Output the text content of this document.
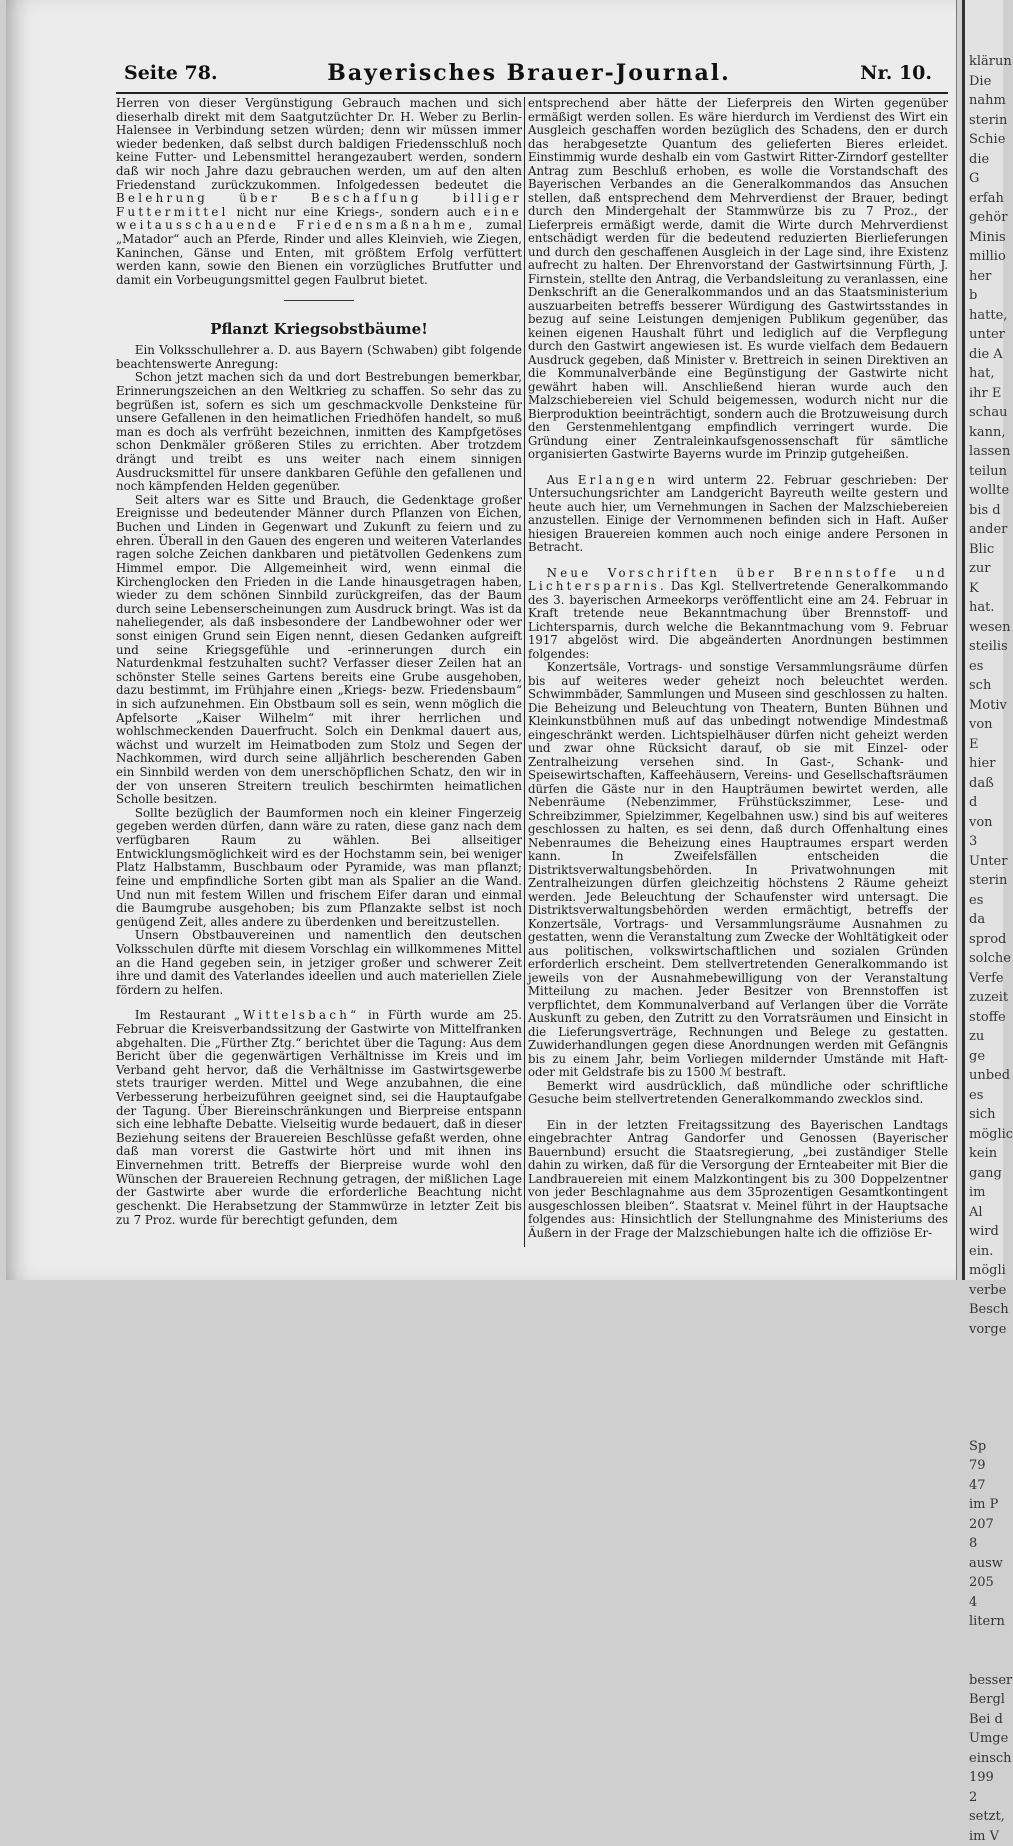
klärun
Die
nahm
sterin
Schie
die G
erfah
gehör
Minis
millio
her b
hatte,
unter
die A
hat,
ihr E
schau
kann,
lassen
teilun
wollte
bis d
ander
Blic
zur K
hat.
wesen
steilis
es sch
Motiv
von E
hier
daß d
von 3
Unter
sterin
es da
sprod
solche
Verfe
zuzeit
stoffe
zu ge
unbed
es sich
möglic
kein
gang
im Al
wird
ein.
mögli
verbe
Besch
vorge

Sp
79 47
im P
207 8
ausw
205 4
litern

besser
Bergl
Bei d
Umge
einsch
199 2
setzt,
im V
Seite 78.	Bayerisches Brauer-Journal.	Nr. 10.

Herren von dieser Vergünstigung Gebrauch machen und sich dieserhalb direkt mit dem Saatgutzüchter Dr. H. Weber zu Berlin-Halensee in Verbindung setzen würden; denn wir müssen immer wieder bedenken, daß selbst durch baldigen Friedensschluß noch keine Futter- und Lebensmittel herangezaubert werden, sondern daß wir noch Jahre dazu gebrauchen werden, um auf den alten Friedenstand zurückzukommen. Infolgedessen bedeutet die Belehrung über Beschaffung billiger Futtermittel nicht nur eine Kriegs-, sondern auch eine weitausschauende Friedensmaßnahme, zumal „Matador“ auch an Pferde, Rinder und alles Kleinvieh, wie Ziegen, Kaninchen, Gänse und Enten, mit größtem Erfolg verfüttert werden kann, sowie den Bienen ein vorzügliches Brutfutter und damit ein Vorbeugungsmittel gegen Faulbrut bietet.

Pflanzt Kriegsobstbäume!

Ein Volksschullehrer a. D. aus Bayern (Schwaben) gibt folgende beachtenswerte Anregung:

Schon jetzt machen sich da und dort Bestrebungen bemerkbar, Erinnerungszeichen an den Weltkrieg zu schaffen. So sehr das zu begrüßen ist, sofern es sich um geschmackvolle Denksteine für unsere Gefallenen in den heimatlichen Friedhöfen handelt, so muß man es doch als verfrüht bezeichnen, inmitten des Kampfgetöses schon Denkmäler größeren Stiles zu errichten. Aber trotzdem drängt und treibt es uns weiter nach einem sinnigen Ausdrucksmittel für unsere dankbaren Gefühle den gefallenen und noch kämpfenden Helden gegenüber.

Seit alters war es Sitte und Brauch, die Gedenktage großer Ereignisse und bedeutender Männer durch Pflanzen von Eichen, Buchen und Linden in Gegenwart und Zukunft zu feiern und zu ehren. Überall in den Gauen des engeren und weiteren Vaterlandes ragen solche Zeichen dankbaren und pietätvollen Gedenkens zum Himmel empor. Die Allgemeinheit wird, wenn einmal die Kirchenglocken den Frieden in die Lande hinausgetragen haben, wieder zu dem schönen Sinnbild zurückgreifen, das der Baum durch seine Lebenserscheinungen zum Ausdruck bringt. Was ist da naheliegender, als daß insbesondere der Landbewohner oder wer sonst einigen Grund sein Eigen nennt, diesen Gedanken aufgreift und seine Kriegsgefühle und -erinnerungen durch ein Naturdenkmal festzuhalten sucht? Verfasser dieser Zeilen hat an schönster Stelle seines Gartens bereits eine Grube ausgehoben, dazu bestimmt, im Frühjahre einen „Kriegs- bezw. Friedensbaum“ in sich aufzunehmen. Ein Obstbaum soll es sein, wenn möglich die Apfelsorte „Kaiser Wilhelm“ mit ihrer herrlichen und wohlschmeckenden Dauerfrucht. Solch ein Denkmal dauert aus, wächst und wurzelt im Heimatboden zum Stolz und Segen der Nachkommen, wird durch seine alljährlich bescherenden Gaben ein Sinnbild werden von dem unerschöpflichen Schatz, den wir in der von unseren Streitern treulich beschirmten heimatlichen Scholle besitzen.

Sollte bezüglich der Baumformen noch ein kleiner Fingerzeig gegeben werden dürfen, dann wäre zu raten, diese ganz nach dem verfügbaren Raum zu wählen. Bei allseitiger Entwicklungsmöglichkeit wird es der Hochstamm sein, bei weniger Platz Halbstamm, Buschbaum oder Pyramide, was man pflanzt; feine und empfindliche Sorten gibt man als Spalier an die Wand. Und nun mit festem Willen und frischem Eifer daran und einmal die Baumgrube ausgehoben; bis zum Pflanzakte selbst ist noch genügend Zeit, alles andere zu überdenken und bereitzustellen.

Unsern Obstbauvereinen und namentlich den deutschen Volksschulen dürfte mit diesem Vorschlag ein willkommenes Mittel an die Hand gegeben sein, in jetziger großer und schwerer Zeit ihre und damit des Vaterlandes ideellen und auch materiellen Ziele fördern zu helfen.

Im Restaurant „Wittelsbach“ in Fürth wurde am 25. Februar die Kreisverbandssitzung der Gastwirte von Mittelfranken abgehalten. Die „Fürther Ztg.“ berichtet über die Tagung: Aus dem Bericht über die gegenwärtigen Verhältnisse im Kreis und im Verband geht hervor, daß die Verhältnisse im Gastwirtsgewerbe stets trauriger werden. Mittel und Wege anzubahnen, die eine Verbesserung herbeizuführen geeignet sind, sei die Hauptaufgabe der Tagung. Über Biereinschränkungen und Bierpreise entspann sich eine lebhafte Debatte. Vielseitig wurde bedauert, daß in dieser Beziehung seitens der Brauereien Beschlüsse gefaßt werden, ohne daß man vorerst die Gastwirte hört und mit ihnen ins Einvernehmen tritt. Betreffs der Bierpreise wurde wohl den Wünschen der Brauereien Rechnung getragen, der mißlichen Lage der Gastwirte aber wurde die erforderliche Beachtung nicht geschenkt. Die Herabsetzung der Stammwürze in letzter Zeit bis zu 7 Proz. wurde für berechtigt gefunden, dem

entsprechend aber hätte der Lieferpreis den Wirten gegenüber ermäßigt werden sollen. Es wäre hierdurch im Verdienst des Wirt ein Ausgleich geschaffen worden bezüglich des Schadens, den er durch das herabgesetzte Quantum des gelieferten Bieres erleidet. Einstimmig wurde deshalb ein vom Gastwirt Ritter-Zirndorf gestellter Antrag zum Beschluß erhoben, es wolle die Vorstandschaft des Bayerischen Verbandes an die Generalkommandos das Ansuchen stellen, daß entsprechend dem Mehrverdienst der Brauer, bedingt durch den Mindergehalt der Stammwürze bis zu 7 Proz., der Lieferpreis ermäßigt werde, damit die Wirte durch Mehrverdienst entschädigt werden für die bedeutend reduzierten Bierlieferungen und durch den geschaffenen Ausgleich in der Lage sind, ihre Existenz aufrecht zu halten. Der Ehrenvorstand der Gastwirtsinnung Fürth, J. Firnstein, stellte den Antrag, die Verbandsleitung zu veranlassen, eine Denkschrift an die Generalkommandos und an das Staatsministerium auszuarbeiten betreffs besserer Würdigung des Gastwirtsstandes in bezug auf seine Leistungen demjenigen Publikum gegenüber, das keinen eigenen Haushalt führt und lediglich auf die Verpflegung durch den Gastwirt angewiesen ist. Es wurde vielfach dem Bedauern Ausdruck gegeben, daß Minister v. Brettreich in seinen Direktiven an die Kommunalverbände eine Begünstigung der Gastwirte nicht gewährt haben will. Anschließend hieran wurde auch den Malzschiebereien viel Schuld beigemessen, wodurch nicht nur die Bierproduktion beeinträchtigt, sondern auch die Brotzuweisung durch den Gerstenmehlentgang empfindlich verringert wurde. Die Gründung einer Zentraleinkaufsgenossenschaft für sämtliche organisierten Gastwirte Bayerns wurde im Prinzip gutgeheißen.

Aus Erlangen wird unterm 22. Februar geschrieben: Der Untersuchungsrichter am Landgericht Bayreuth weilte gestern und heute auch hier, um Vernehmungen in Sachen der Malzschiebereien anzustellen. Einige der Vernommenen befinden sich in Haft. Außer hiesigen Brauereien kommen auch noch einige andere Personen in Betracht.

Neue Vorschriften über Brennstoffe und Lichtersparnis. Das Kgl. Stellvertretende Generalkommando des 3. bayerischen Armeekorps veröffentlicht eine am 24. Februar in Kraft tretende neue Bekanntmachung über Brennstoff- und Lichtersparnis, durch welche die Bekanntmachung vom 9. Februar 1917 abgelöst wird. Die abgeänderten Anordnungen bestimmen folgendes:

Konzertsäle, Vortrags- und sonstige Versammlungsräume dürfen bis auf weiteres weder geheizt noch beleuchtet werden. Schwimmbäder, Sammlungen und Museen sind geschlossen zu halten. Die Beheizung und Beleuchtung von Theatern, Bunten Bühnen und Kleinkunstbühnen muß auf das unbedingt notwendige Mindestmaß eingeschränkt werden. Lichtspielhäuser dürfen nicht geheizt werden und zwar ohne Rücksicht darauf, ob sie mit Einzel- oder Zentralheizung versehen sind. In Gast-, Schank- und Speisewirtschaften, Kaffeehäusern, Vereins- und Gesellschaftsräumen dürfen die Gäste nur in den Haupträumen bewirtet werden, alle Nebenräume (Nebenzimmer, Frühstückszimmer, Lese- und Schreibzimmer, Spielzimmer, Kegelbahnen usw.) sind bis auf weiteres geschlossen zu halten, es sei denn, daß durch Offenhaltung eines Nebenraumes die Beheizung eines Hauptraumes erspart werden kann. In Zweifelsfällen entscheiden die Distriktsverwaltungsbehörden. In Privatwohnungen mit Zentralheizungen dürfen gleichzeitig höchstens 2 Räume geheizt werden. Jede Beleuchtung der Schaufenster wird untersagt. Die Distriktsverwaltungsbehörden werden ermächtigt, betreffs der Konzertsäle, Vortrags- und Versammlungsräume Ausnahmen zu gestatten, wenn die Veranstaltung zum Zwecke der Wohltätigkeit oder aus politischen, volkswirtschaftlichen und sozialen Gründen erforderlich erscheint. Dem stellvertretenden Generalkommando ist jeweils von der Ausnahmebewilligung von der Veranstaltung Mitteilung zu machen. Jeder Besitzer von Brennstoffen ist verpflichtet, dem Kommunalverband auf Verlangen über die Vorräte Auskunft zu geben, den Zutritt zu den Vorratsräumen und Einsicht in die Lieferungsverträge, Rechnungen und Belege zu gestatten. Zuwiderhandlungen gegen diese Anordnungen werden mit Gefängnis bis zu einem Jahr, beim Vorliegen mildernder Umstände mit Haft- oder mit Geldstrafe bis zu 1500 ℳ bestraft.

Bemerkt wird ausdrücklich, daß mündliche oder schriftliche Gesuche beim stellvertretenden Generalkommando zwecklos sind.

Ein in der letzten Freitagssitzung des Bayerischen Landtags eingebrachter Antrag Gandorfer und Genossen (Bayerischer Bauernbund) ersucht die Staatsregierung, „bei zuständiger Stelle dahin zu wirken, daß für die Versorgung der Ernteabeiter mit Bier die Landbrauereien mit einem Malzkontingent bis zu 300 Doppelzentner von jeder Beschlagnahme aus dem 35prozentigen Gesamtkontingent ausgeschlossen bleiben“. Staatsrat v. Meinel führt in der Hauptsache folgendes aus: Hinsichtlich der Stellungnahme des Ministeriums des Äußern in der Frage der Malzschiebungen halte ich die offiziöse Er-
